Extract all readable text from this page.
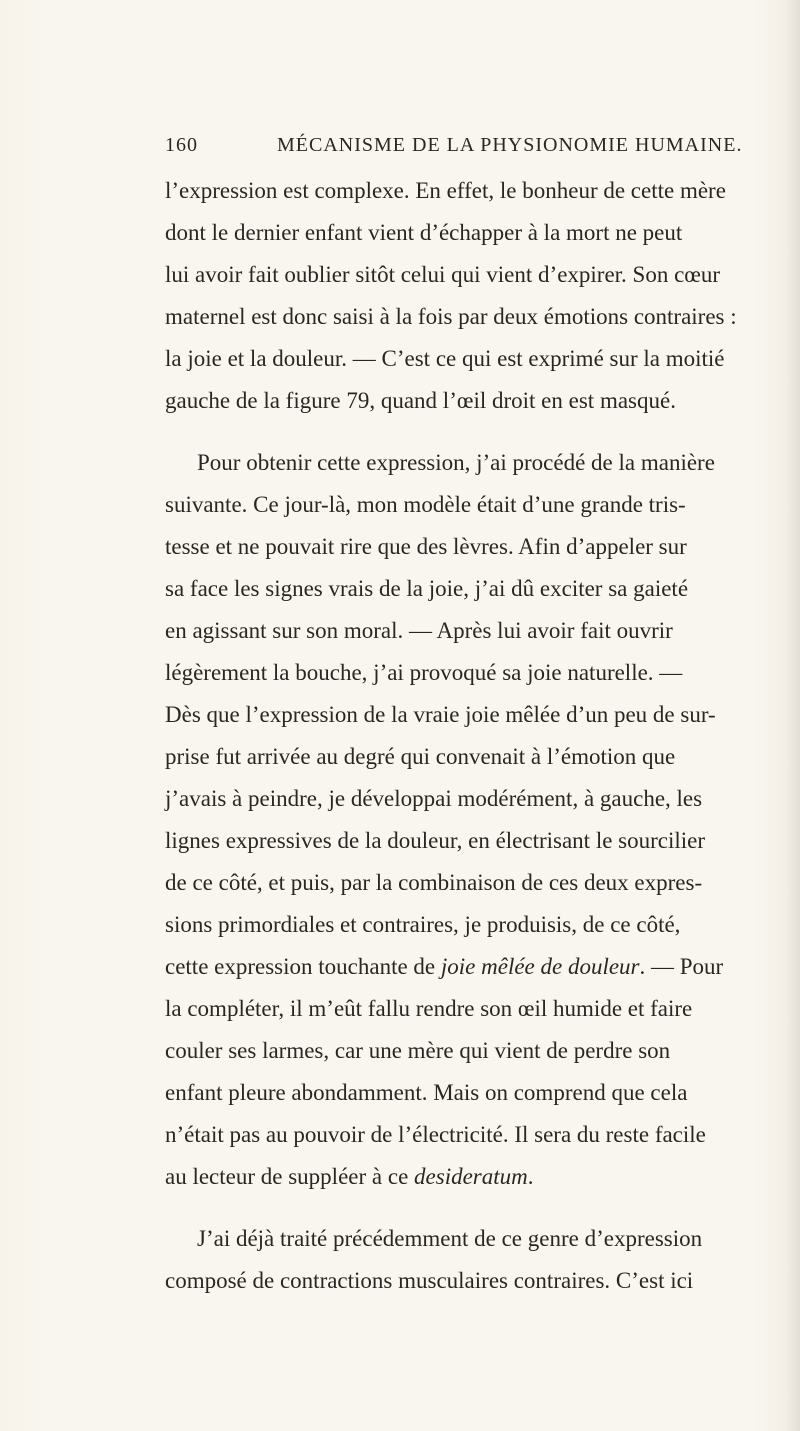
160	MÉCANISME DE LA PHYSIONOMIE HUMAINE.
l’expression est complexe. En effet, le bonheur de cette mère
dont le dernier enfant vient d’échapper à la mort ne peut
lui avoir fait oublier sitôt celui qui vient d’expirer. Son cœur
maternel est donc saisi à la fois par deux émotions contraires :
la joie et la douleur. — C’est ce qui est exprimé sur la moitié
gauche de la figure 79, quand l’œil droit en est masqué.
Pour obtenir cette expression, j’ai procédé de la manière
suivante. Ce jour-là, mon modèle était d’une grande tris-
tesse et ne pouvait rire que des lèvres. Afin d’appeler sur
sa face les signes vrais de la joie, j’ai dû exciter sa gaieté
en agissant sur son moral. — Après lui avoir fait ouvrir
légèrement la bouche, j’ai provoqué sa joie naturelle. —
Dès que l’expression de la vraie joie mêlée d’un peu de sur-
prise fut arrivée au degré qui convenait à l’émotion que
j’avais à peindre, je développai modérément, à gauche, les
lignes expressives de la douleur, en électrisant le sourcilier
de ce côté, et puis, par la combinaison de ces deux expres-
sions primordiales et contraires, je produisis, de ce côté,
cette expression touchante de joie mêlée de douleur. — Pour
la compléter, il m’eût fallu rendre son œil humide et faire
couler ses larmes, car une mère qui vient de perdre son
enfant pleure abondamment. Mais on comprend que cela
n’était pas au pouvoir de l’électricité. Il sera du reste facile
au lecteur de suppléer à ce desideratum.
J’ai déjà traité précédemment de ce genre d’expression
composé de contractions musculaires contraires. C’est ici
